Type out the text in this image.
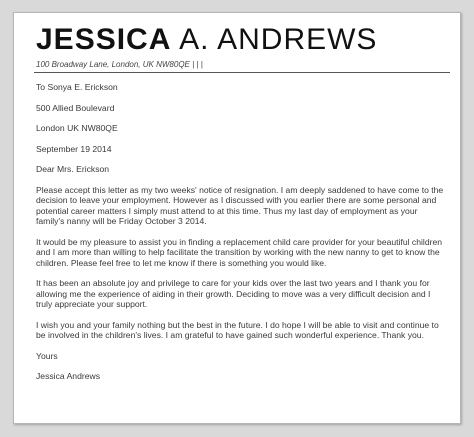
JESSICA A. ANDREWS
100 Broadway Lane, London, UK NW80QE | | |

To Sonya E. Erickson

500 Allied Boulevard

London UK NW80QE

September 19 2014

Dear Mrs. Erickson

Please accept this letter as my two weeks' notice of resignation. I am deeply saddened to have come to the decision to leave your employment. However as I discussed with you earlier there are some personal and potential career matters I simply must attend to at this time. Thus my last day of employment as your family's nanny will be Friday October 3 2014.

It would be my pleasure to assist you in finding a replacement child care provider for your beautiful children and I am more than willing to help facilitate the transition by working with the new nanny to get to know the children. Please feel free to let me know if there is something you would like.

It has been an absolute joy and privilege to care for your kids over the last two years and I thank you for allowing me the experience of aiding in their growth. Deciding to move was a very difficult decision and I truly appreciate your support.

I wish you and your family nothing but the best in the future. I do hope I will be able to visit and continue to be involved in the children's lives. I am grateful to have gained such wonderful experience. Thank you.

Yours

Jessica Andrews
